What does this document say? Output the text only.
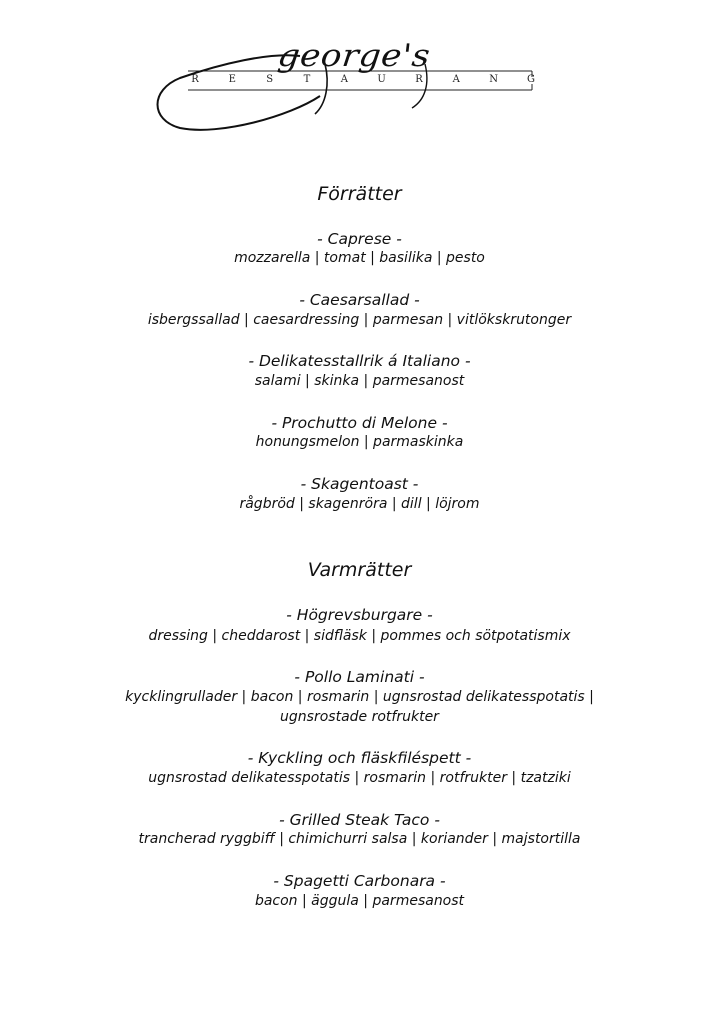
george's
R	E	S	T	A	U	R	A	N	G
Förrätter
- Caprese -
mozzarella | tomat | basilika | pesto
- Caesarsallad -
isbergssallad | caesardressing | parmesan | vitlökskrutonger
- Delikatesstallrik á Italiano -
salami | skinka | parmesanost
- Prochutto di Melone -
honungsmelon | parmaskinka
- Skagentoast -
rågbröd | skagenröra | dill | löjrom
Varmrätter
- Högrevsburgare -
dressing | cheddarost | sidfläsk | pommes och sötpotatismix
- Pollo Laminati -
kycklingrullader | bacon | rosmarin | ugnsrostad delikatesspotatis | ugnsrostade rotfrukter
- Kyckling och fläskfiléspett -
ugnsrostad delikatesspotatis | rosmarin | rotfrukter | tzatziki
- Grilled Steak Taco -
trancherad ryggbiff | chimichurri salsa | koriander | majstortilla
- Spagetti Carbonara -
bacon | äggula | parmesanost
